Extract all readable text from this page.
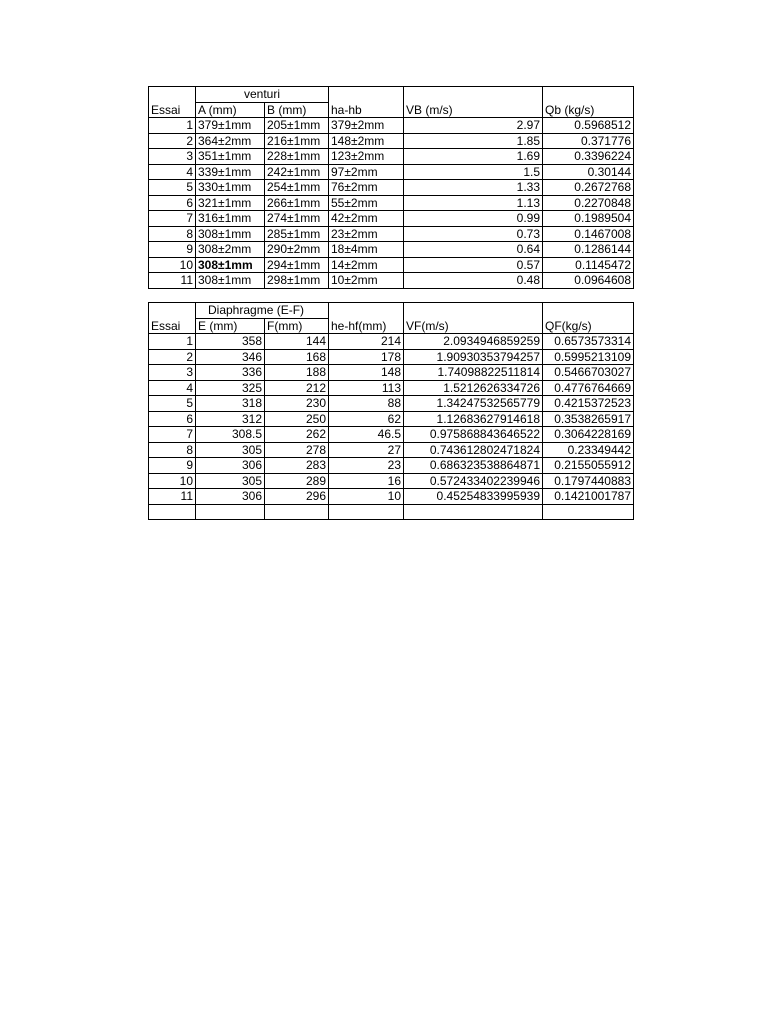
	venturi				
Essai	A (mm)	B (mm)	ha-hb	VB (m/s)	Qb (kg/s)
1	379±1mm	205±1mm	379±2mm	2.97	0.5968512
2	364±2mm	216±1mm	148±2mm	1.85	0.371776
3	351±1mm	228±1mm	123±2mm	1.69	0.3396224
4	339±1mm	242±1mm	97±2mm	1.5	0.30144
5	330±1mm	254±1mm	76±2mm	1.33	0.2672768
6	321±1mm	266±1mm	55±2mm	1.13	0.2270848
7	316±1mm	274±1mm	42±2mm	0.99	0.1989504
8	308±1mm	285±1mm	23±2mm	0.73	0.1467008
9	308±2mm	290±2mm	18±4mm	0.64	0.1286144
10	308±1mm	294±1mm	14±2mm	0.57	0.1145472
11	308±1mm	298±1mm	10±2mm	0.48	0.0964608
	Diaphragme (E-F)				
Essai	E (mm)	F(mm)	he-hf(mm)	VF(m/s)	QF(kg/s)
1	358	144	214	2.0934946859259	0.6573573314
2	346	168	178	1.90930353794257	0.5995213109
3	336	188	148	1.74098822511814	0.5466703027
4	325	212	113	1.5212626334726	0.4776764669
5	318	230	88	1.34247532565779	0.4215372523
6	312	250	62	1.12683627914618	0.3538265917
7	308.5	262	46.5	0.975868843646522	0.3064228169
8	305	278	27	0.743612802471824	0.23349442
9	306	283	23	0.686323538864871	0.2155055912
10	305	289	16	0.572433402239946	0.1797440883
11	306	296	10	0.45254833995939	0.1421001787
